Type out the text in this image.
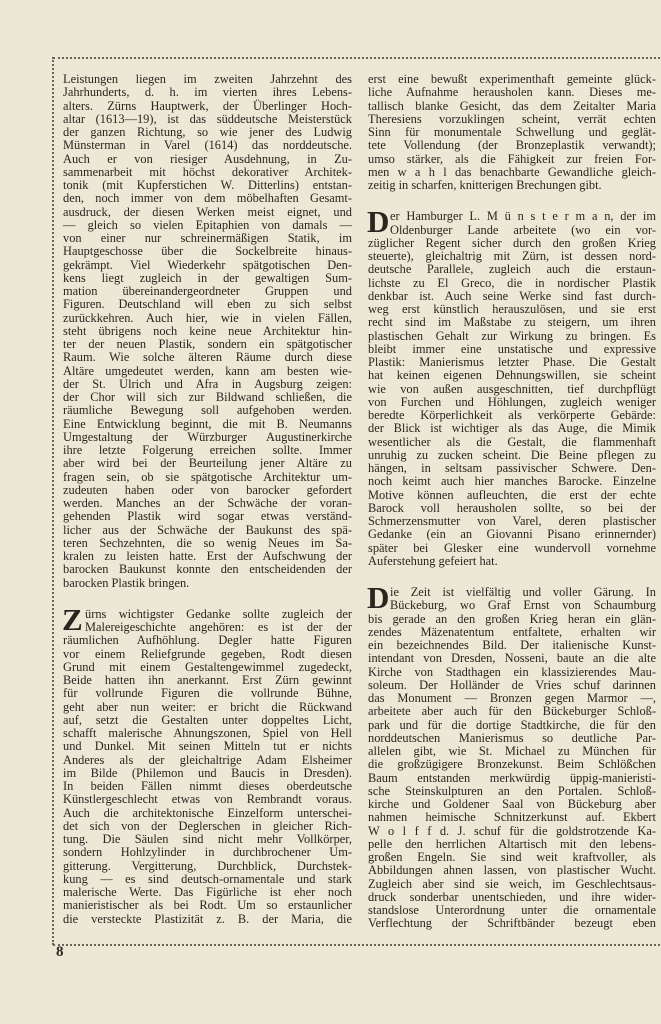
Leistungen liegen im zweiten Jahrzehnt des
Jahrhunderts, d. h. im vierten ihres Lebens-
alters. Zürns Hauptwerk, der Überlinger Hoch-
altar (1613—19), ist das süddeutsche Meisterstück
der ganzen Richtung, so wie jener des Ludwig
Münsterman in Varel (1614) das norddeutsche.
Auch er von riesiger Ausdehnung, in Zu-
sammenarbeit mit höchst dekorativer Architek-
tonik (mit Kupferstichen W. Ditterlins) entstan-
den, noch immer von dem möbelhaften Gesamt-
ausdruck, der diesen Werken meist eignet, und
— gleich so vielen Epitaphien von damals —
von einer nur schreinermäßigen Statik, im
Hauptgeschosse über die Sockelbreite hinaus-
gekrämpt. Viel Wiederkehr spätgotischen Den-
kens liegt zugleich in der gewaltigen Sum-
mation übereinandergeordneter Gruppen und
Figuren. Deutschland will eben zu sich selbst
zurückkehren. Auch hier, wie in vielen Fällen,
steht übrigens noch keine neue Architektur hin-
ter der neuen Plastik, sondern ein spätgotischer
Raum. Wie solche älteren Räume durch diese
Altäre umgedeutet werden, kann am besten wie-
der St. Ulrich und Afra in Augsburg zeigen:
der Chor will sich zur Bildwand schließen, die
räumliche Bewegung soll aufgehoben werden.
Eine Entwicklung beginnt, die mit B. Neumanns
Umgestaltung der Würzburger Augustinerkirche
ihre letzte Folgerung erreichen sollte. Immer
aber wird bei der Beurteilung jener Altäre zu
fragen sein, ob sie spätgotische Architektur um-
zudeuten haben oder von barocker gefordert
werden. Manches an der Schwäche der voran-
gehenden Plastik wird sogar etwas verständ-
licher aus der Schwäche der Baukunst des spä-
teren Sechzehnten, die so wenig Neues im Sa-
kralen zu leisten hatte. Erst der Aufschwung der
barocken Baukunst konnte den entscheidenden der
barocken Plastik bringen.
Z ürns wichtigster Gedanke sollte zugleich der
Malereigeschichte angehören: es ist der der
räumlichen Aufhöhlung. Degler hatte Figuren
vor einem Reliefgrunde gegeben, Rodt diesen
Grund mit einem Gestaltengewimmel zugedeckt,
Beide hatten ihn anerkannt. Erst Zürn gewinnt
für vollrunde Figuren die vollrunde Bühne,
geht aber nun weiter: er bricht die Rückwand
auf, setzt die Gestalten unter doppeltes Licht,
schafft malerische Ahnungszonen, Spiel von Hell
und Dunkel. Mit seinen Mitteln tut er nichts
Anderes als der gleichaltrige Adam Elsheimer
im Bilde (Philemon und Baucis in Dresden).
In beiden Fällen nimmt dieses oberdeutsche
Künstlergeschlecht etwas von Rembrandt voraus.
Auch die architektonische Einzelform unterschei-
det sich von der Deglerschen in gleicher Rich-
tung. Die Säulen sind nicht mehr Vollkörper,
sondern Hohlzylinder in durchbrochener Um-
gitterung. Vergitterung, Durchblick, Durchstek-
kung — es sind deutsch-ornamentale und stark
malerische Werte. Das Figürliche ist eher noch
manieristischer als bei Rodt. Um so erstaunlicher
die versteckte Plastizität z. B. der Maria, die
erst eine bewußt experimenthaft gemeinte glück-
liche Aufnahme herausholen kann. Dieses me-
tallisch blanke Gesicht, das dem Zeitalter Maria
Theresiens vorzuklingen scheint, verrät echten
Sinn für monumentale Schwellung und geglät-
tete Vollendung (der Bronzeplastik verwandt);
umso stärker, als die Fähigkeit zur freien For-
men w a h l das benachbarte Gewandliche gleich-
zeitig in scharfen, knitterigen Brechungen gibt.
D er Hamburger L. M ü n s t e r m a n, der im
Oldenburger Lande arbeitete (wo ein vor-
züglicher Regent sicher durch den großen Krieg
steuerte), gleichaltrig mit Zürn, ist dessen nord-
deutsche Parallele, zugleich auch die erstaun-
lichste zu El Greco, die in nordischer Plastik
denkbar ist. Auch seine Werke sind fast durch-
weg erst künstlich herauszulösen, und sie erst
recht sind im Maßstabe zu steigern, um ihren
plastischen Gehalt zur Wirkung zu bringen. Es
bleibt immer eine unstatische und expressive
Plastik: Manierismus letzter Phase. Die Gestalt
hat keinen eigenen Dehnungswillen, sie scheint
wie von außen ausgeschnitten, tief durchpflügt
von Furchen und Höhlungen, zugleich weniger
beredte Körperlichkeit als verkörperte Gebärde:
der Blick ist wichtiger als das Auge, die Mimik
wesentlicher als die Gestalt, die flammenhaft
unruhig zu zucken scheint. Die Beine pflegen zu
hängen, in seltsam passivischer Schwere. Den-
noch keimt auch hier manches Barocke. Einzelne
Motive können aufleuchten, die erst der echte
Barock voll herausholen sollte, so bei der
Schmerzensmutter von Varel, deren plastischer
Gedanke (ein an Giovanni Pisano erinnernder)
später bei Glesker eine wundervoll vornehme
Auferstehung gefeiert hat.
D ie Zeit ist vielfältig und voller Gärung. In
Bückeburg, wo Graf Ernst von Schaumburg
bis gerade an den großen Krieg heran ein glän-
zendes Mäzenatentum entfaltete, erhalten wir
ein bezeichnendes Bild. Der italienische Kunst-
intendant von Dresden, Nosseni, baute an die alte
Kirche von Stadthagen ein klassizierendes Mau-
soleum. Der Holländer de Vries schuf darinnen
das Monument — Bronzen gegen Marmor —,
arbeitete aber auch für den Bückeburger Schloß-
park und für die dortige Stadtkirche, die für den
norddeutschen Manierismus so deutliche Par-
allelen gibt, wie St. Michael zu München für
die großzügigere Bronzekunst. Beim Schlößchen
Baum entstanden merkwürdig üppig-manieristi-
sche Steinskulpturen an den Portalen. Schloß-
kirche und Goldener Saal von Bückeburg aber
nahmen heimische Schnitzerkunst auf. Ekbert
W o l f f d. J. schuf für die goldstrotzende Ka-
pelle den herrlichen Altartisch mit den lebens-
großen Engeln. Sie sind weit kraftvoller, als
Abbildungen ahnen lassen, von plastischer Wucht.
Zugleich aber sind sie weich, im Geschlechtsaus-
druck sonderbar unentschieden, und ihre wider-
standslose Unterordnung unter die ornamentale
Verflechtung der Schriftbänder bezeugt eben
8
